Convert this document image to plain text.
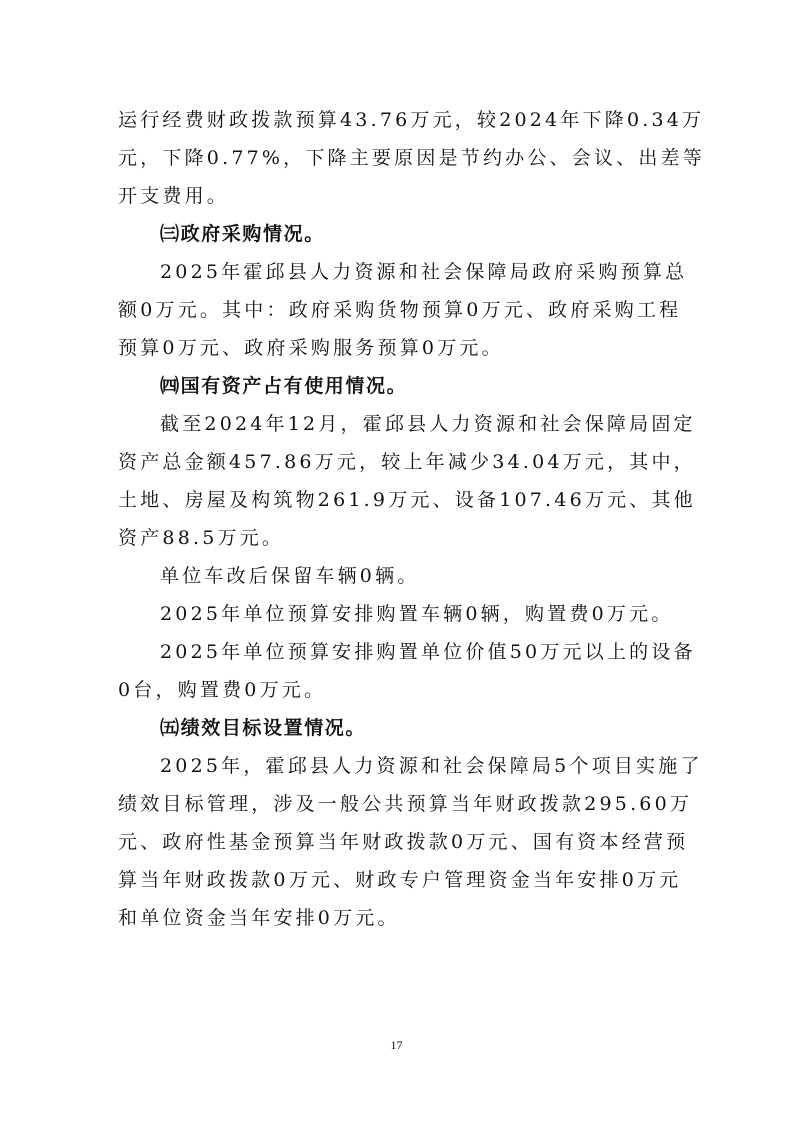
运行经费财政拨款预算43.76万元，较2024年下降0.34万
元，下降0.77%，下降主要原因是节约办公、会议、出差等
开支费用。
㈢政府采购情况。
2025年霍邱县人力资源和社会保障局政府采购预算总
额0万元。其中：政府采购货物预算0万元、政府采购工程
预算0万元、政府采购服务预算0万元。
㈣国有资产占有使用情况。
截至2024年12月，霍邱县人力资源和社会保障局固定
资产总金额457.86万元，较上年减少34.04万元，其中，
土地、房屋及构筑物261.9万元、设备107.46万元、其他
资产88.5万元。
单位车改后保留车辆0辆。
2025年单位预算安排购置车辆0辆，购置费0万元。
2025年单位预算安排购置单位价值50万元以上的设备
0台，购置费0万元。
㈤绩效目标设置情况。
2025年，霍邱县人力资源和社会保障局5个项目实施了
绩效目标管理，涉及一般公共预算当年财政拨款295.60万
元、政府性基金预算当年财政拨款0万元、国有资本经营预
算当年财政拨款0万元、财政专户管理资金当年安排0万元
和单位资金当年安排0万元。
17
